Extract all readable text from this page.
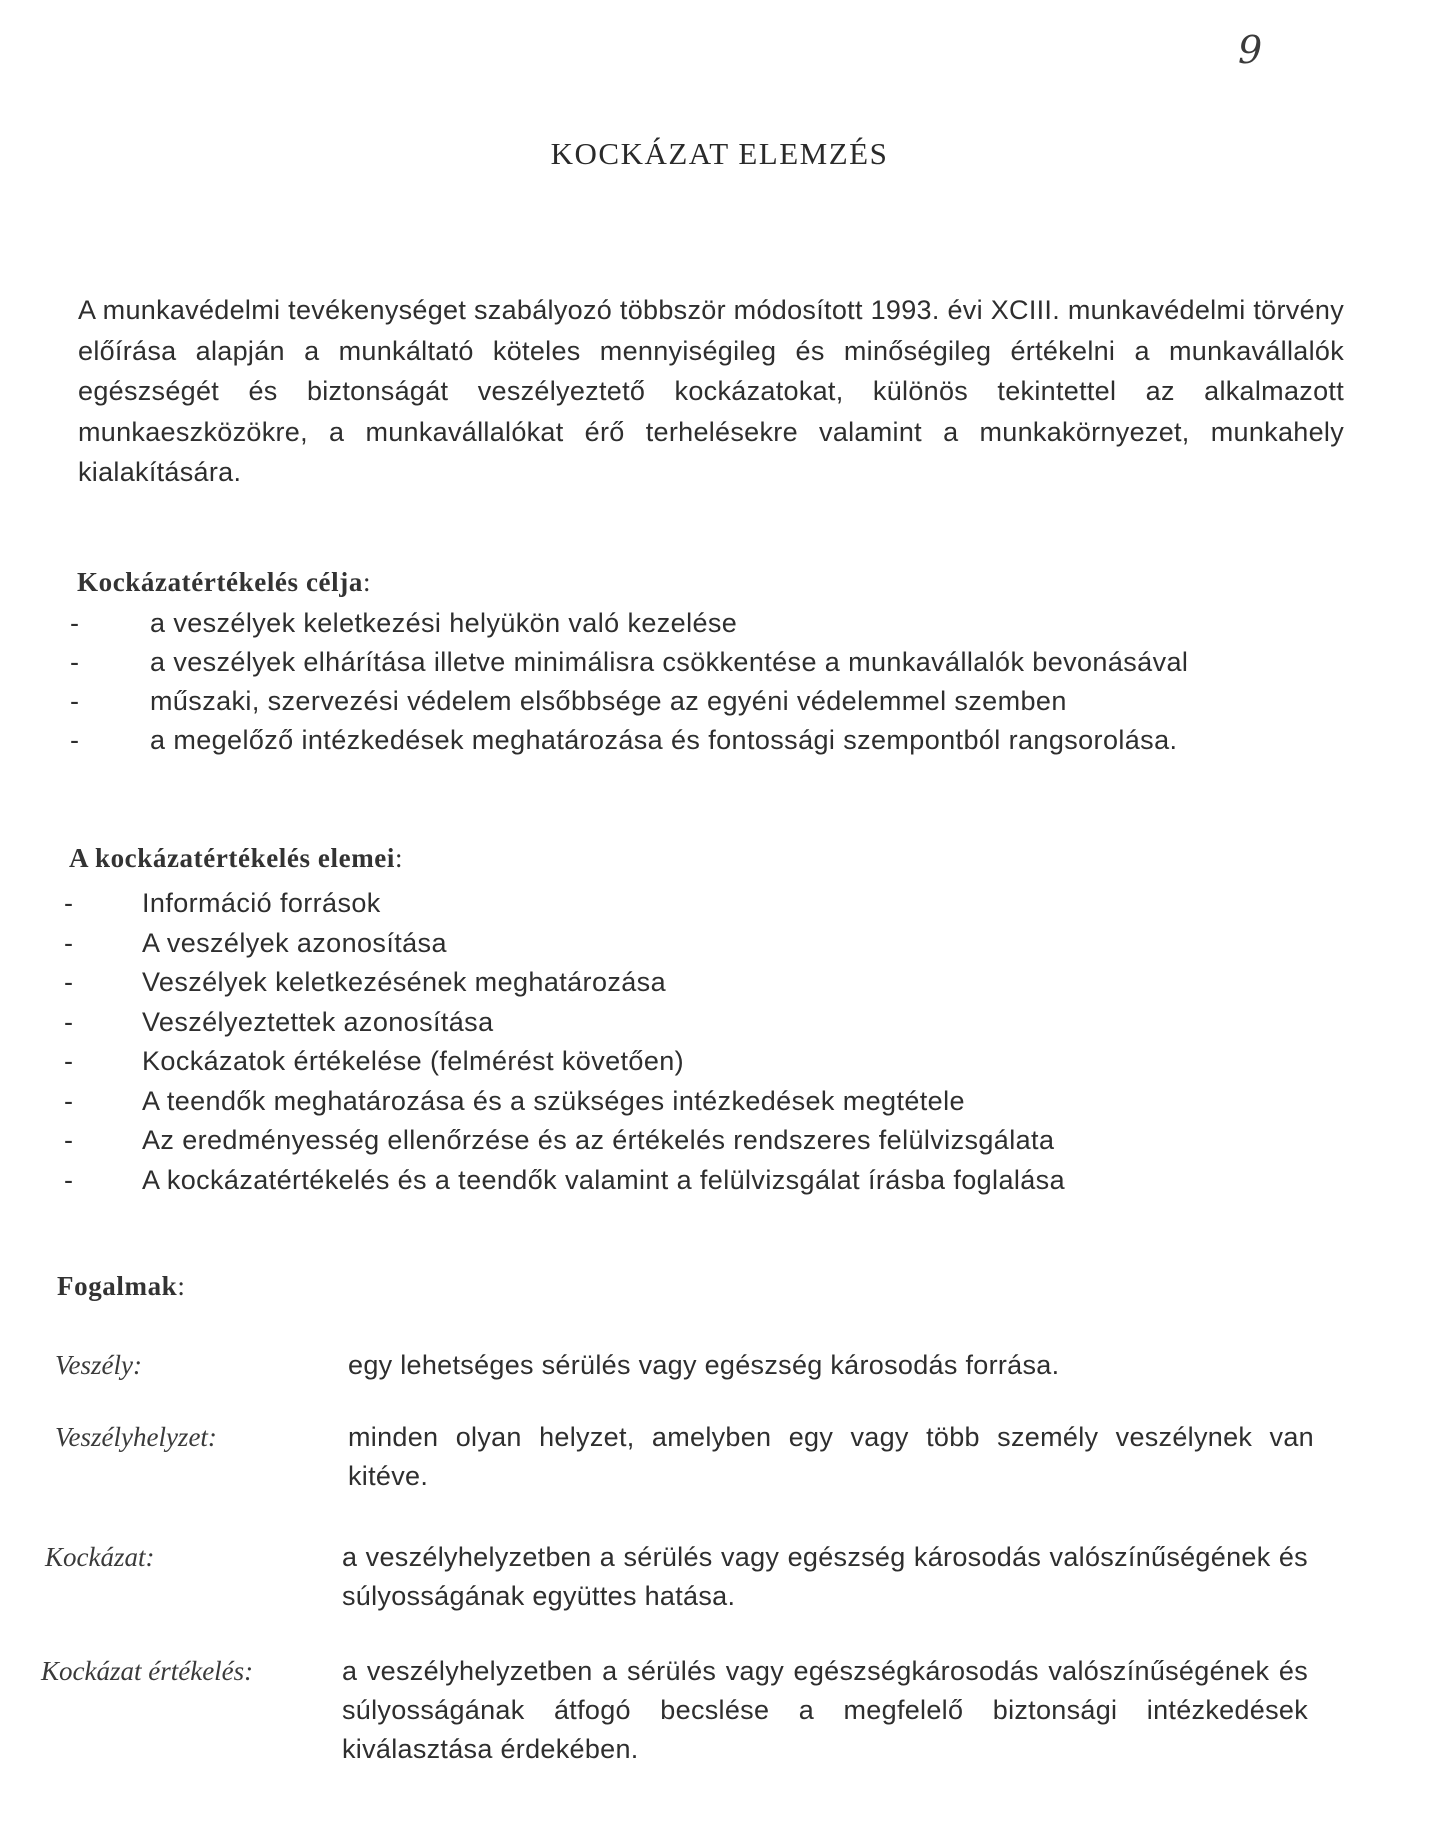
9
KOCKÁZAT ELEMZÉS
A munkavédelmi tevékenységet szabályozó többször módosított 1993. évi XCIII. munkavédelmi törvény előírása alapján a munkáltató köteles mennyiségileg és minőségileg értékelni a munkavállalók egészségét és biztonságát veszélyeztető kockázatokat, különös tekintettel az alkalmazott munkaeszközökre, a munkavállalókat érő terhelésekre valamint a munkakörnyezet, munkahely kialakítására.
Kockázatértékelés célja:
-	a veszélyek keletkezési helyükön való kezelése
-	a veszélyek elhárítása illetve minimálisra csökkentése a munkavállalók bevonásával
-	műszaki, szervezési védelem elsőbbsége az egyéni védelemmel szemben
-	a megelőző intézkedések meghatározása és fontossági szempontból rangsorolása.
A kockázatértékelés elemei:
-	Információ források
-	A veszélyek azonosítása
-	Veszélyek keletkezésének meghatározása
-	Veszélyeztettek azonosítása
-	Kockázatok értékelése (felmérést követően)
-	A teendők meghatározása és a szükséges intézkedések megtétele
-	Az eredményesség ellenőrzése és az értékelés rendszeres felülvizsgálata
-	A kockázatértékelés és a teendők valamint a felülvizsgálat írásba foglalása
Fogalmak:
Veszély:	egy lehetséges sérülés vagy egészség károsodás forrása.
Veszélyhelyzet:	minden olyan helyzet, amelyben egy vagy több személy veszélynek van kitéve.
Kockázat:	a veszélyhelyzetben a sérülés vagy egészség károsodás valószínűségének és súlyosságának együttes hatása.
Kockázat értékelés:	a veszélyhelyzetben a sérülés vagy egészségkárosodás valószínűségének és súlyosságának átfogó becslése a megfelelő biztonsági intézkedések kiválasztása érdekében.
